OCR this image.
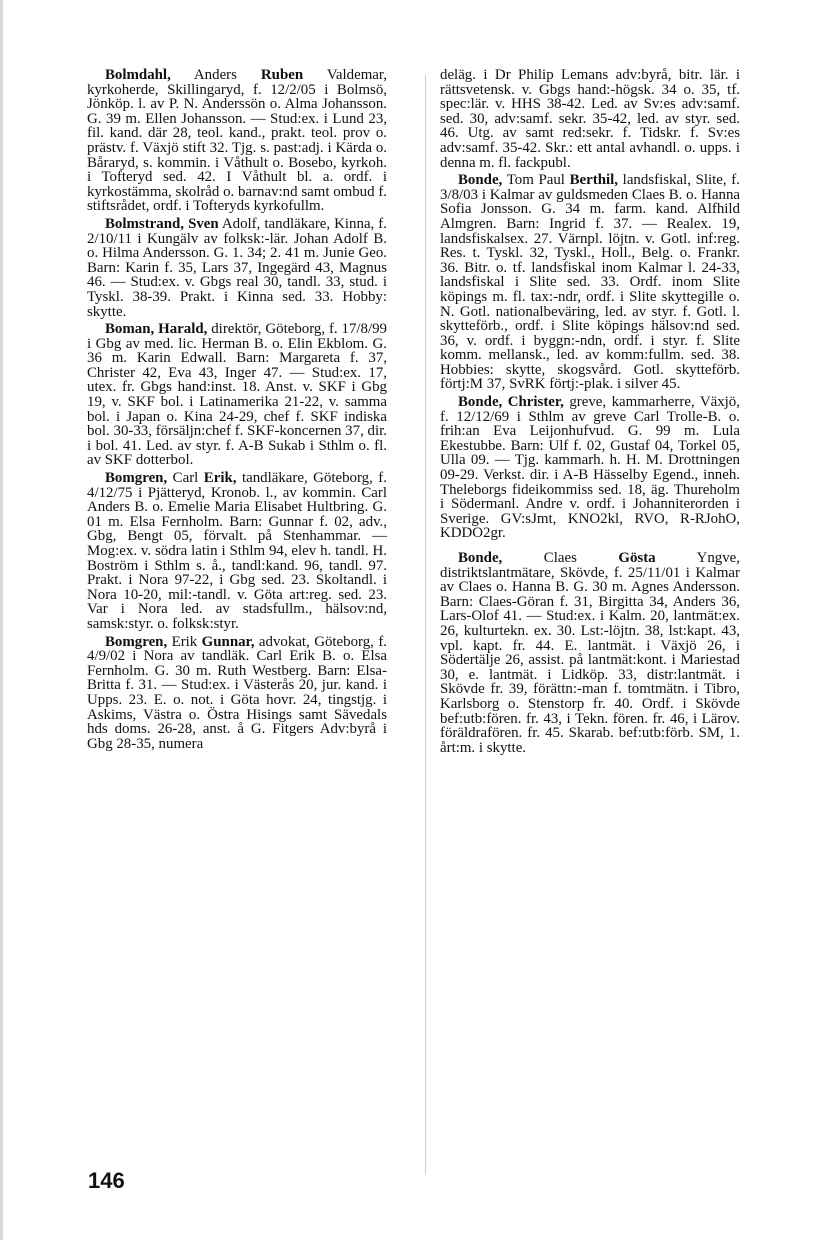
Bolmdahl, Anders Ruben Valdemar, kyrkoherde, Skillingaryd, f. 12/2/05 i Bolmsö, Jönköp. l. av P. N. Anderssön o. Alma Johansson. G. 39 m. Ellen Johansson. — Stud:ex. i Lund 23, fil. kand. där 28, teol. kand., prakt. teol. prov o. prästv. f. Växjö stift 32. Tjg. s. past:adj. i Kärda o. Båraryd, s. kommin. i Våthult o. Bosebo, kyrkoh. i Tofteryd sed. 42. I Våthult bl. a. ordf. i kyrkostämma, skolråd o. barnav:nd samt ombud f. stiftsrådet, ordf. i Tofteryds kyrkofullm.

Bolmstrand, Sven Adolf, tandläkare, Kinna, f. 2/10/11 i Kungälv av folksk:-lär. Johan Adolf B. o. Hilma Andersson. G. 1. 34; 2. 41 m. Junie Geo. Barn: Karin f. 35, Lars 37, Ingegärd 43, Magnus 46. — Stud:ex. v. Gbgs real 30, tandl. 33, stud. i Tyskl. 38-39. Prakt. i Kinna sed. 33. Hobby: skytte.

Boman, Harald, direktör, Göteborg, f. 17/8/99 i Gbg av med. lic. Herman B. o. Elin Ekblom. G. 36 m. Karin Edwall. Barn: Margareta f. 37, Christer 42, Eva 43, Inger 47. — Stud:ex. 17, utex. fr. Gbgs hand:inst. 18. Anst. v. SKF i Gbg 19, v. SKF bol. i Latinamerika 21-22, v. samma bol. i Japan o. Kina 24-29, chef f. SKF indiska bol. 30-33, försäljn:chef f. SKF-koncernen 37, dir. i bol. 41. Led. av styr. f. A-B Sukab i Sthlm o. fl. av SKF dotterbol.

Bomgren, Carl Erik, tandläkare, Göteborg, f. 4/12/75 i Pjätteryd, Kronob. l., av kommin. Carl Anders B. o. Emelie Maria Elisabet Hultbring. G. 01 m. Elsa Fernholm. Barn: Gunnar f. 02, adv., Gbg, Bengt 05, förvalt. på Stenhammar. — Mog:ex. v. södra latin i Sthlm 94, elev h. tandl. H. Boström i Sthlm s. å., tandl:kand. 96, tandl. 97. Prakt. i Nora 97-22, i Gbg sed. 23. Skoltandl. i Nora 10-20, mil:-tandl. v. Göta art:reg. sed. 23. Var i Nora led. av stadsfullm., hälsov:nd, samsk:styr. o. folksk:styr.

Bomgren, Erik Gunnar, advokat, Göteborg, f. 4/9/02 i Nora av tandläk. Carl Erik B. o. Elsa Fernholm. G. 30 m. Ruth Westberg. Barn: Elsa-Britta f. 31. — Stud:ex. i Västerås 20, jur. kand. i Upps. 23. E. o. not. i Göta hovr. 24, tingstjg. i Askims, Västra o. Östra Hisings samt Sävedals hds doms. 26-28, anst. å G. Fitgers Adv:byrå i Gbg 28-35, numera

deläg. i Dr Philip Lemans adv:byrå, bitr. lär. i rättsvetensk. v. Gbgs hand:-högsk. 34 o. 35, tf. spec:lär. v. HHS 38-42. Led. av Sv:es adv:samf. sed. 30, adv:samf. sekr. 35-42, led. av styr. sed. 46. Utg. av samt red:sekr. f. Tidskr. f. Sv:es adv:samf. 35-42. Skr.: ett antal avhandl. o. upps. i denna m. fl. fackpubl.

Bonde, Tom Paul Berthil, landsfiskal, Slite, f. 3/8/03 i Kalmar av guldsmeden Claes B. o. Hanna Sofia Jonsson. G. 34 m. farm. kand. Alfhild Almgren. Barn: Ingrid f. 37. — Realex. 19, landsfiskalsex. 27. Värnpl. löjtn. v. Gotl. inf:reg. Res. t. Tyskl. 32, Tyskl., Holl., Belg. o. Frankr. 36. Bitr. o. tf. landsfiskal inom Kalmar l. 24-33, landsfiskal i Slite sed. 33. Ordf. inom Slite köpings m. fl. tax:-ndr, ordf. i Slite skyttegille o. N. Gotl. nationalbeväring, led. av styr. f. Gotl. l. skytteförb., ordf. i Slite köpings hälsov:nd sed. 36, v. ordf. i byggn:-ndn, ordf. i styr. f. Slite komm. mellansk., led. av komm:fullm. sed. 38. Hobbies: skytte, skogsvård. Gotl. skytteförb. förtj:M 37, SvRK förtj:-plak. i silver 45.

Bonde, Christer, greve, kammarherre, Växjö, f. 12/12/69 i Sthlm av greve Carl Trolle-B. o. frih:an Eva Leijonhufvud. G. 99 m. Lula Ekestubbe. Barn: Ulf f. 02, Gustaf 04, Torkel 05, Ulla 09. — Tjg. kammarh. h. H. M. Drottningen 09-29. Verkst. dir. i A-B Hässelby Egend., inneh. Theleborgs fideikommiss sed. 18, äg. Thureholm i Södermanl. Andre v. ordf. i Johanniterorden i Sverige. GV:sJmt, KNO2kl, RVO, R-RJohO, KDDO2gr.

Bonde, Claes Gösta Yngve, distriktslantmätare, Skövde, f. 25/11/01 i Kalmar av Claes o. Hanna B. G. 30 m. Agnes Andersson. Barn: Claes-Göran f. 31, Birgitta 34, Anders 36, Lars-Olof 41. — Stud:ex. i Kalm. 20, lantmät:ex. 26, kulturtekn. ex. 30. Lst:-löjtn. 38, lst:kapt. 43, vpl. kapt. fr. 44. E. lantmät. i Växjö 26, i Södertälje 26, assist. på lantmät:kont. i Mariestad 30, e. lantmät. i Lidköp. 33, distr:lantmät. i Skövde fr. 39, förättn:-man f. tomtmätn. i Tibro, Karlsborg o. Stenstorp fr. 40. Ordf. i Skövde bef:utb:fören. fr. 43, i Tekn. fören. fr. 46, i Lärov. föräldrafören. fr. 45. Skarab. bef:utb:förb. SM, 1. årt:m. i skytte.

146
